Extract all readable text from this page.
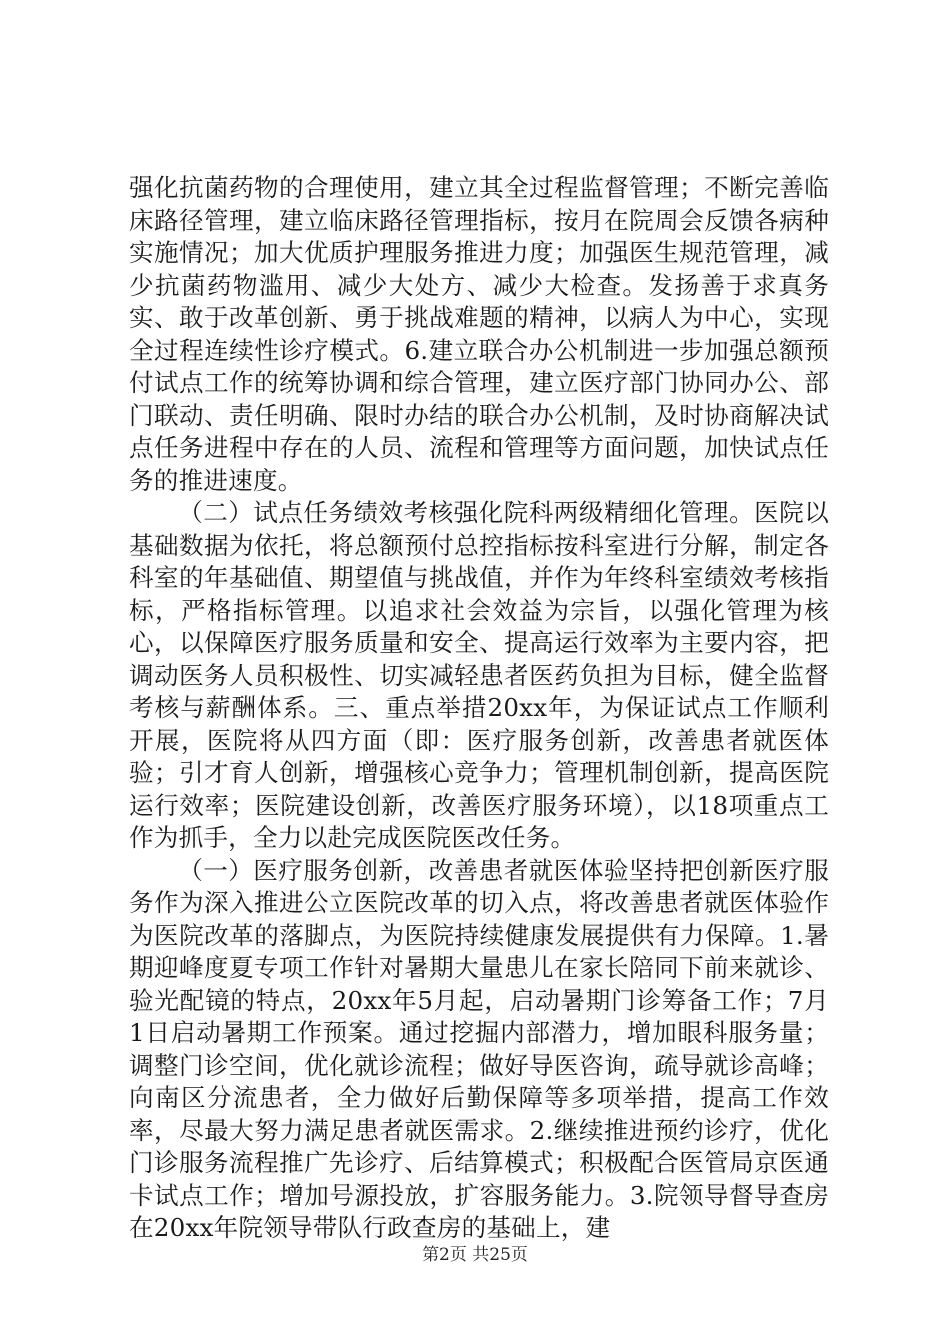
强化抗菌药物的合理使用，建立其全过程监督管理；不断完善临床路径管理，建立临床路径管理指标，按月在院周会反馈各病种实施情况；加大优质护理服务推进力度；加强医生规范管理，减少抗菌药物滥用、减少大处方、减少大检查。发扬善于求真务实、敢于改革创新、勇于挑战难题的精神，以病人为中心，实现全过程连续性诊疗模式。6.建立联合办公机制进一步加强总额预付试点工作的统筹协调和综合管理，建立医疗部门协同办公、部门联动、责任明确、限时办结的联合办公机制，及时协商解决试点任务进程中存在的人员、流程和管理等方面问题，加快试点任务的推进速度。

（二）试点任务绩效考核强化院科两级精细化管理。医院以基础数据为依托，将总额预付总控指标按科室进行分解，制定各科室的年基础值、期望值与挑战值，并作为年终科室绩效考核指标，严格指标管理。以追求社会效益为宗旨，以强化管理为核心，以保障医疗服务质量和安全、提高运行效率为主要内容，把调动医务人员积极性、切实减轻患者医药负担为目标，健全监督考核与薪酬体系。三、重点举措20xx年，为保证试点工作顺利开展，医院将从四方面（即：医疗服务创新，改善患者就医体验；引才育人创新，增强核心竞争力；管理机制创新，提高医院运行效率；医院建设创新，改善医疗服务环境），以18项重点工作为抓手，全力以赴完成医院医改任务。

（一）医疗服务创新，改善患者就医体验坚持把创新医疗服务作为深入推进公立医院改革的切入点，将改善患者就医体验作为医院改革的落脚点，为医院持续健康发展提供有力保障。1.暑期迎峰度夏专项工作针对暑期大量患儿在家长陪同下前来就诊、验光配镜的特点，20xx年5月起，启动暑期门诊筹备工作；7月1日启动暑期工作预案。通过挖掘内部潜力，增加眼科服务量；调整门诊空间，优化就诊流程；做好导医咨询，疏导就诊高峰；向南区分流患者，全力做好后勤保障等多项举措，提高工作效率，尽最大努力满足患者就医需求。2.继续推进预约诊疗，优化门诊服务流程推广先诊疗、后结算模式；积极配合医管局京医通卡试点工作；增加号源投放，扩容服务能力。3.院领导督导查房在20xx年院领导带队行政查房的基础上，建

第2页 共25页
